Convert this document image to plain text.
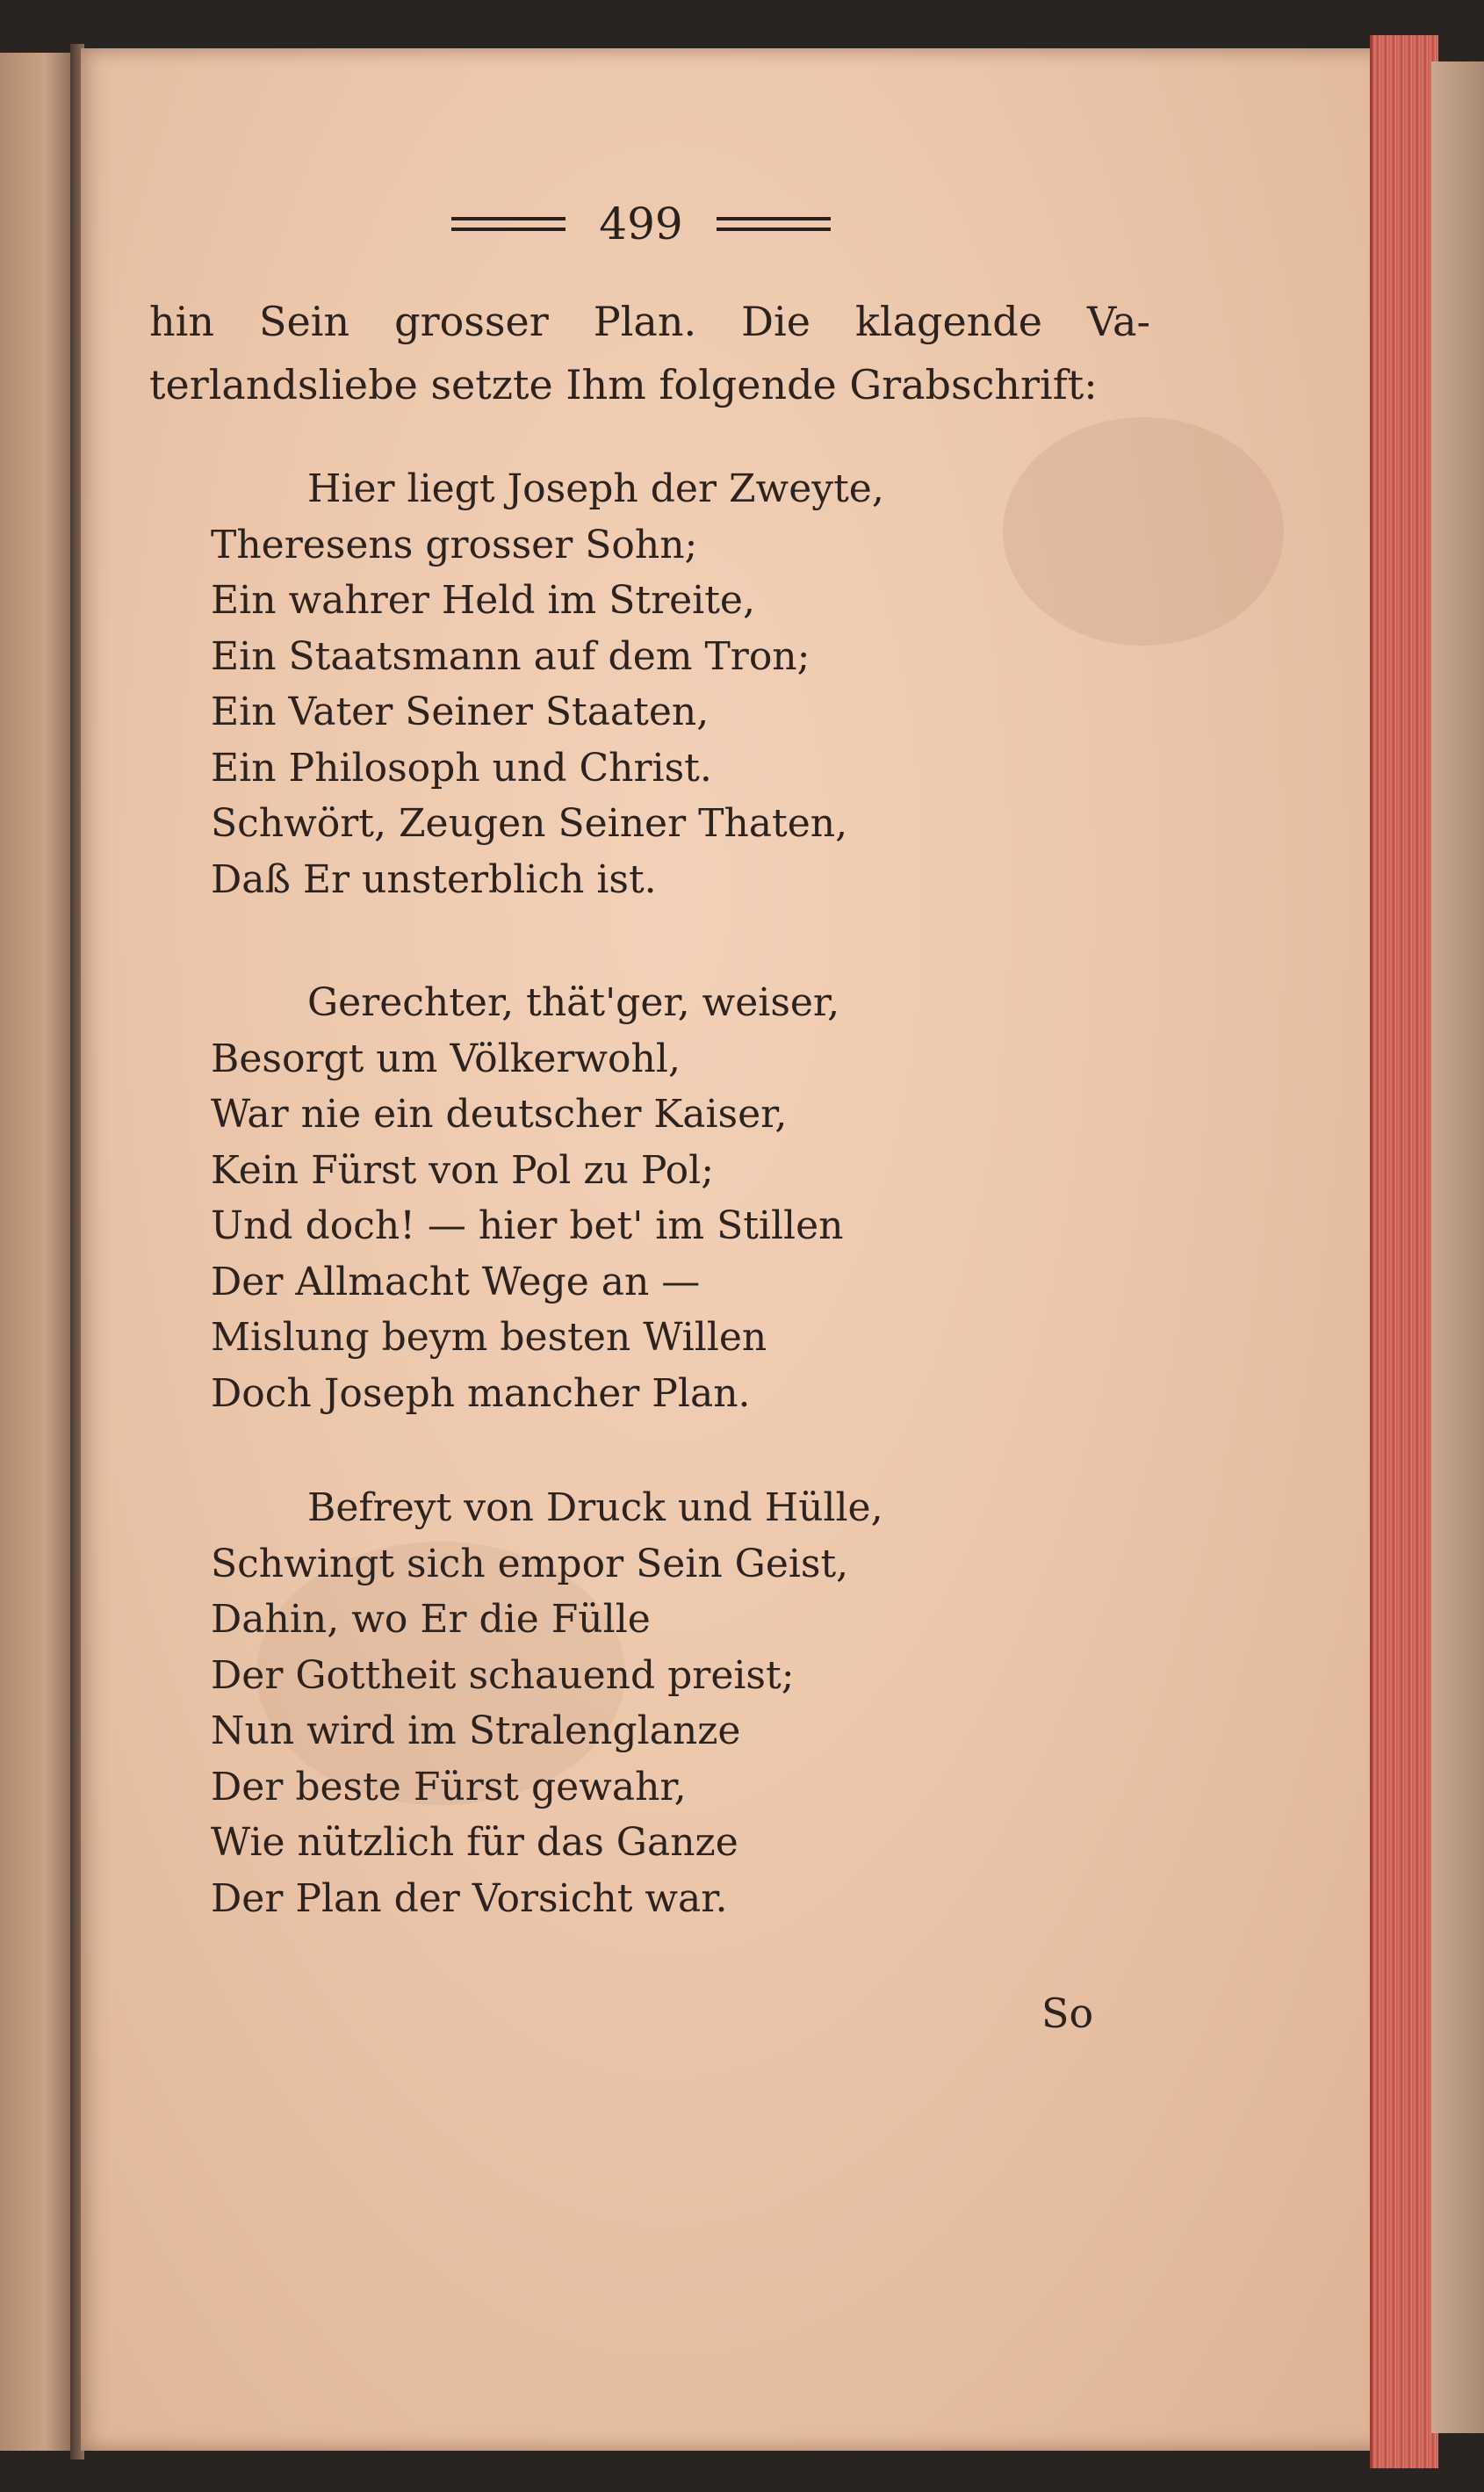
499
hin Sein grosser Plan. Die klagende Va-
terlandsliebe setzte Ihm folgende Grabschrift:
Hier liegt Joseph der Zweyte,
Theresens grosser Sohn;
Ein wahrer Held im Streite,
Ein Staatsmann auf dem Tron;
Ein Vater Seiner Staaten,
Ein Philosoph und Christ.
Schwört, Zeugen Seiner Thaten,
Daß Er unsterblich ist.
Gerechter, thät'ger, weiser,
Besorgt um Völkerwohl,
War nie ein deutscher Kaiser,
Kein Fürst von Pol zu Pol;
Und doch! — hier bet' im Stillen
Der Allmacht Wege an —
Mislung beym besten Willen
Doch Joseph mancher Plan.
Befreyt von Druck und Hülle,
Schwingt sich empor Sein Geist,
Dahin, wo Er die Fülle
Der Gottheit schauend preist;
Nun wird im Stralenglanze
Der beste Fürst gewahr,
Wie nützlich für das Ganze
Der Plan der Vorsicht war.
So
